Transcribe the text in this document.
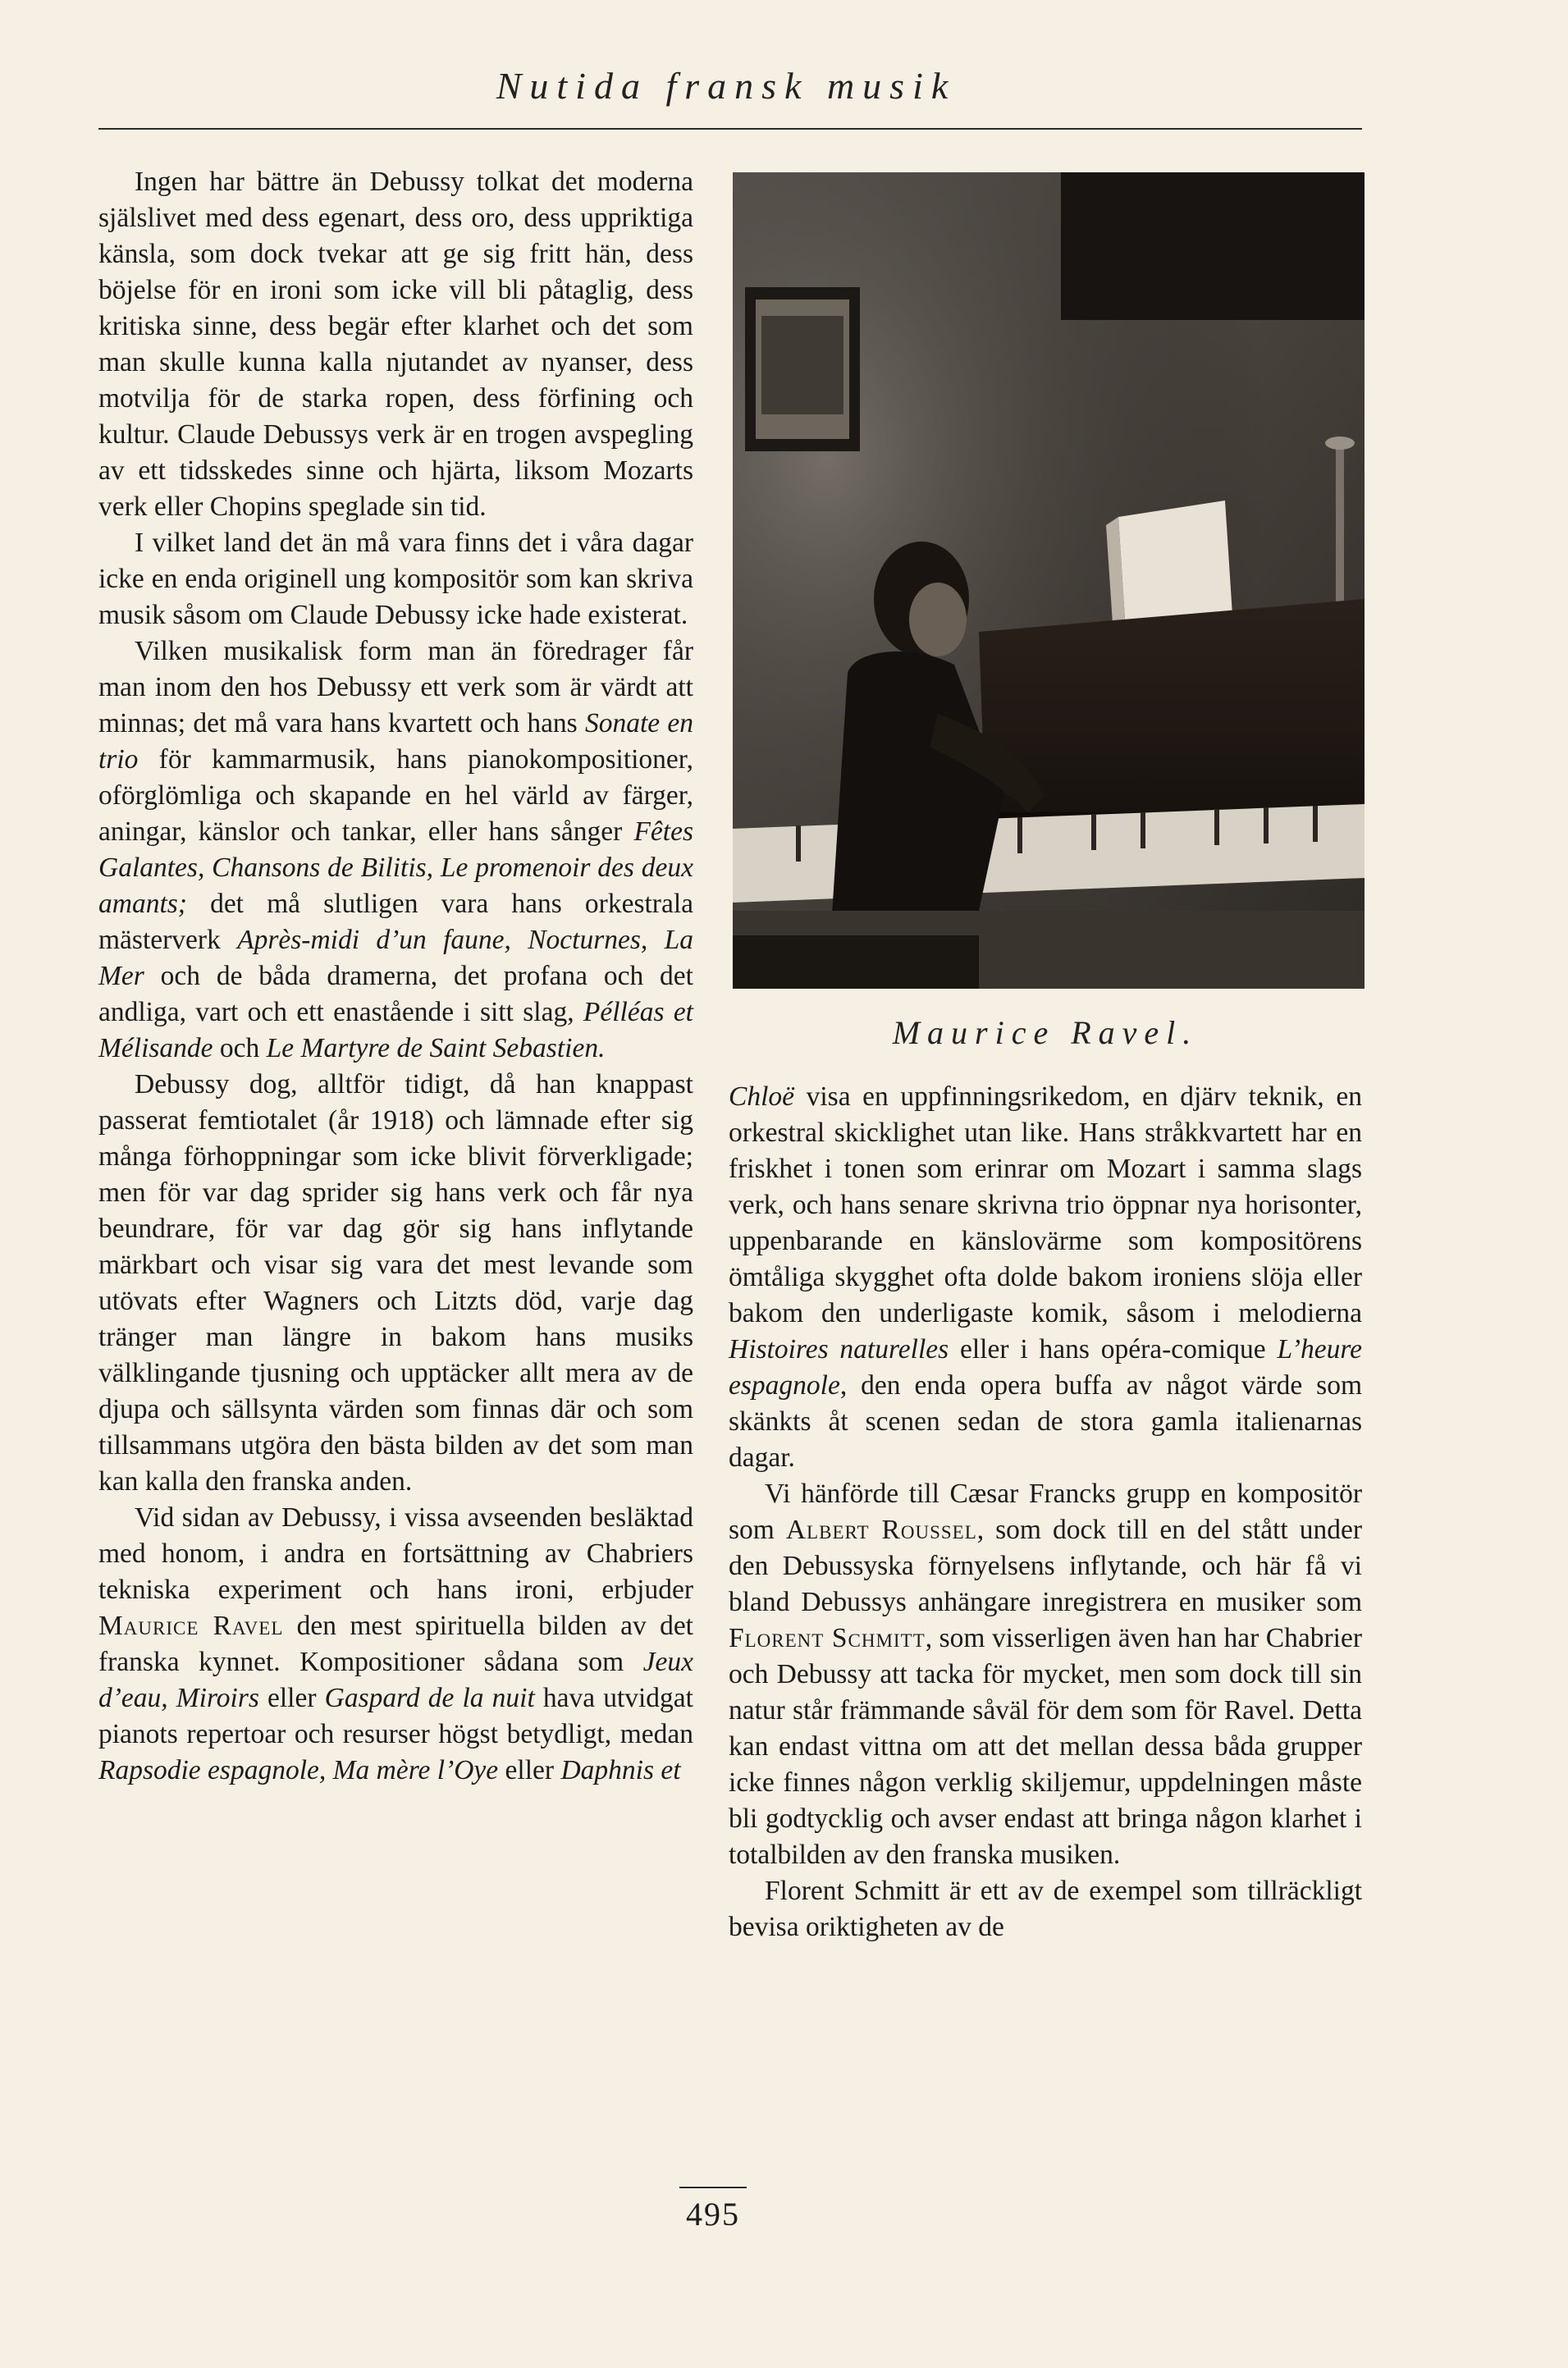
Nutida fransk musik

Ingen har bättre än Debussy tolkat det moderna själslivet med dess egenart, dess oro, dess uppriktiga känsla, som dock tvekar att ge sig fritt hän, dess böjelse för en ironi som icke vill bli påtaglig, dess kritiska sinne, dess begär efter klarhet och det som man skulle kunna kalla njutandet av nyanser, dess motvilja för de starka ropen, dess förfining och kultur. Claude Debussys verk är en trogen avspegling av ett tidsskedes sinne och hjärta, liksom Mozarts verk eller Chopins speglade sin tid.

I vilket land det än må vara finns det i våra dagar icke en enda originell ung kompositör som kan skriva musik såsom om Claude Debussy icke hade existerat.

Vilken musikalisk form man än föredrager får man inom den hos Debussy ett verk som är värdt att minnas; det må vara hans kvartett och hans Sonate en trio för kammarmusik, hans pianokompositioner, oförglömliga och skapande en hel värld av färger, aningar, känslor och tankar, eller hans sånger Fêtes Galantes, Chansons de Bilitis, Le promenoir des deux amants; det må slutligen vara hans orkestrala mästerverk Après-midi d’un faune, Nocturnes, La Mer och de båda dramerna, det profana och det andliga, vart och ett enastående i sitt slag, Pélléas et Mélisande och Le Martyre de Saint Sebastien.

Debussy dog, alltför tidigt, då han knappast passerat femtiotalet (år 1918) och lämnade efter sig många förhoppningar som icke blivit förverkligade; men för var dag sprider sig hans verk och får nya beundrare, för var dag gör sig hans inflytande märkbart och visar sig vara det mest levande som utövats efter Wagners och Litzts död, varje dag tränger man längre in bakom hans musiks välklingande tjusning och upptäcker allt mera av de djupa och sällsynta värden som finnas där och som tillsammans utgöra den bästa bilden av det som man kan kalla den franska anden.

Vid sidan av Debussy, i vissa avseenden besläktad med honom, i andra en fortsättning av Chabriers tekniska experiment och hans ironi, erbjuder Maurice Ravel den mest spirituella bilden av det franska kynnet. Kompositioner sådana som Jeux d’eau, Miroirs eller Gaspard de la nuit hava utvidgat pianots repertoar och resurser högst betydligt, medan Rapsodie espagnole, Ma mère l’Oye eller Daphnis et

Maurice Ravel.

Chloë visa en uppfinningsrikedom, en djärv teknik, en orkestral skicklighet utan like. Hans stråkkvartett har en friskhet i tonen som erinrar om Mozart i samma slags verk, och hans senare skrivna trio öppnar nya horisonter, uppenbarande en känslovärme som kompositörens ömtåliga skygghet ofta dolde bakom ironiens slöja eller bakom den underligaste komik, såsom i melodierna Histoires naturelles eller i hans opéra-comique L’heure espagnole, den enda opera buffa av något värde som skänkts åt scenen sedan de stora gamla italienarnas dagar.

Vi hänförde till Cæsar Francks grupp en kompositör som Albert Roussel, som dock till en del stått under den Debussyska förnyelsens inflytande, och här få vi bland Debussys anhängare inregistrera en musiker som Florent Schmitt, som visserligen även han har Chabrier och Debussy att tacka för mycket, men som dock till sin natur står främmande såväl för dem som för Ravel. Detta kan endast vittna om att det mellan dessa båda grupper icke finnes någon verklig skiljemur, uppdelningen måste bli godtycklig och avser endast att bringa någon klarhet i totalbilden av den franska musiken.

Florent Schmitt är ett av de exempel som tillräckligt bevisa oriktigheten av de

495
